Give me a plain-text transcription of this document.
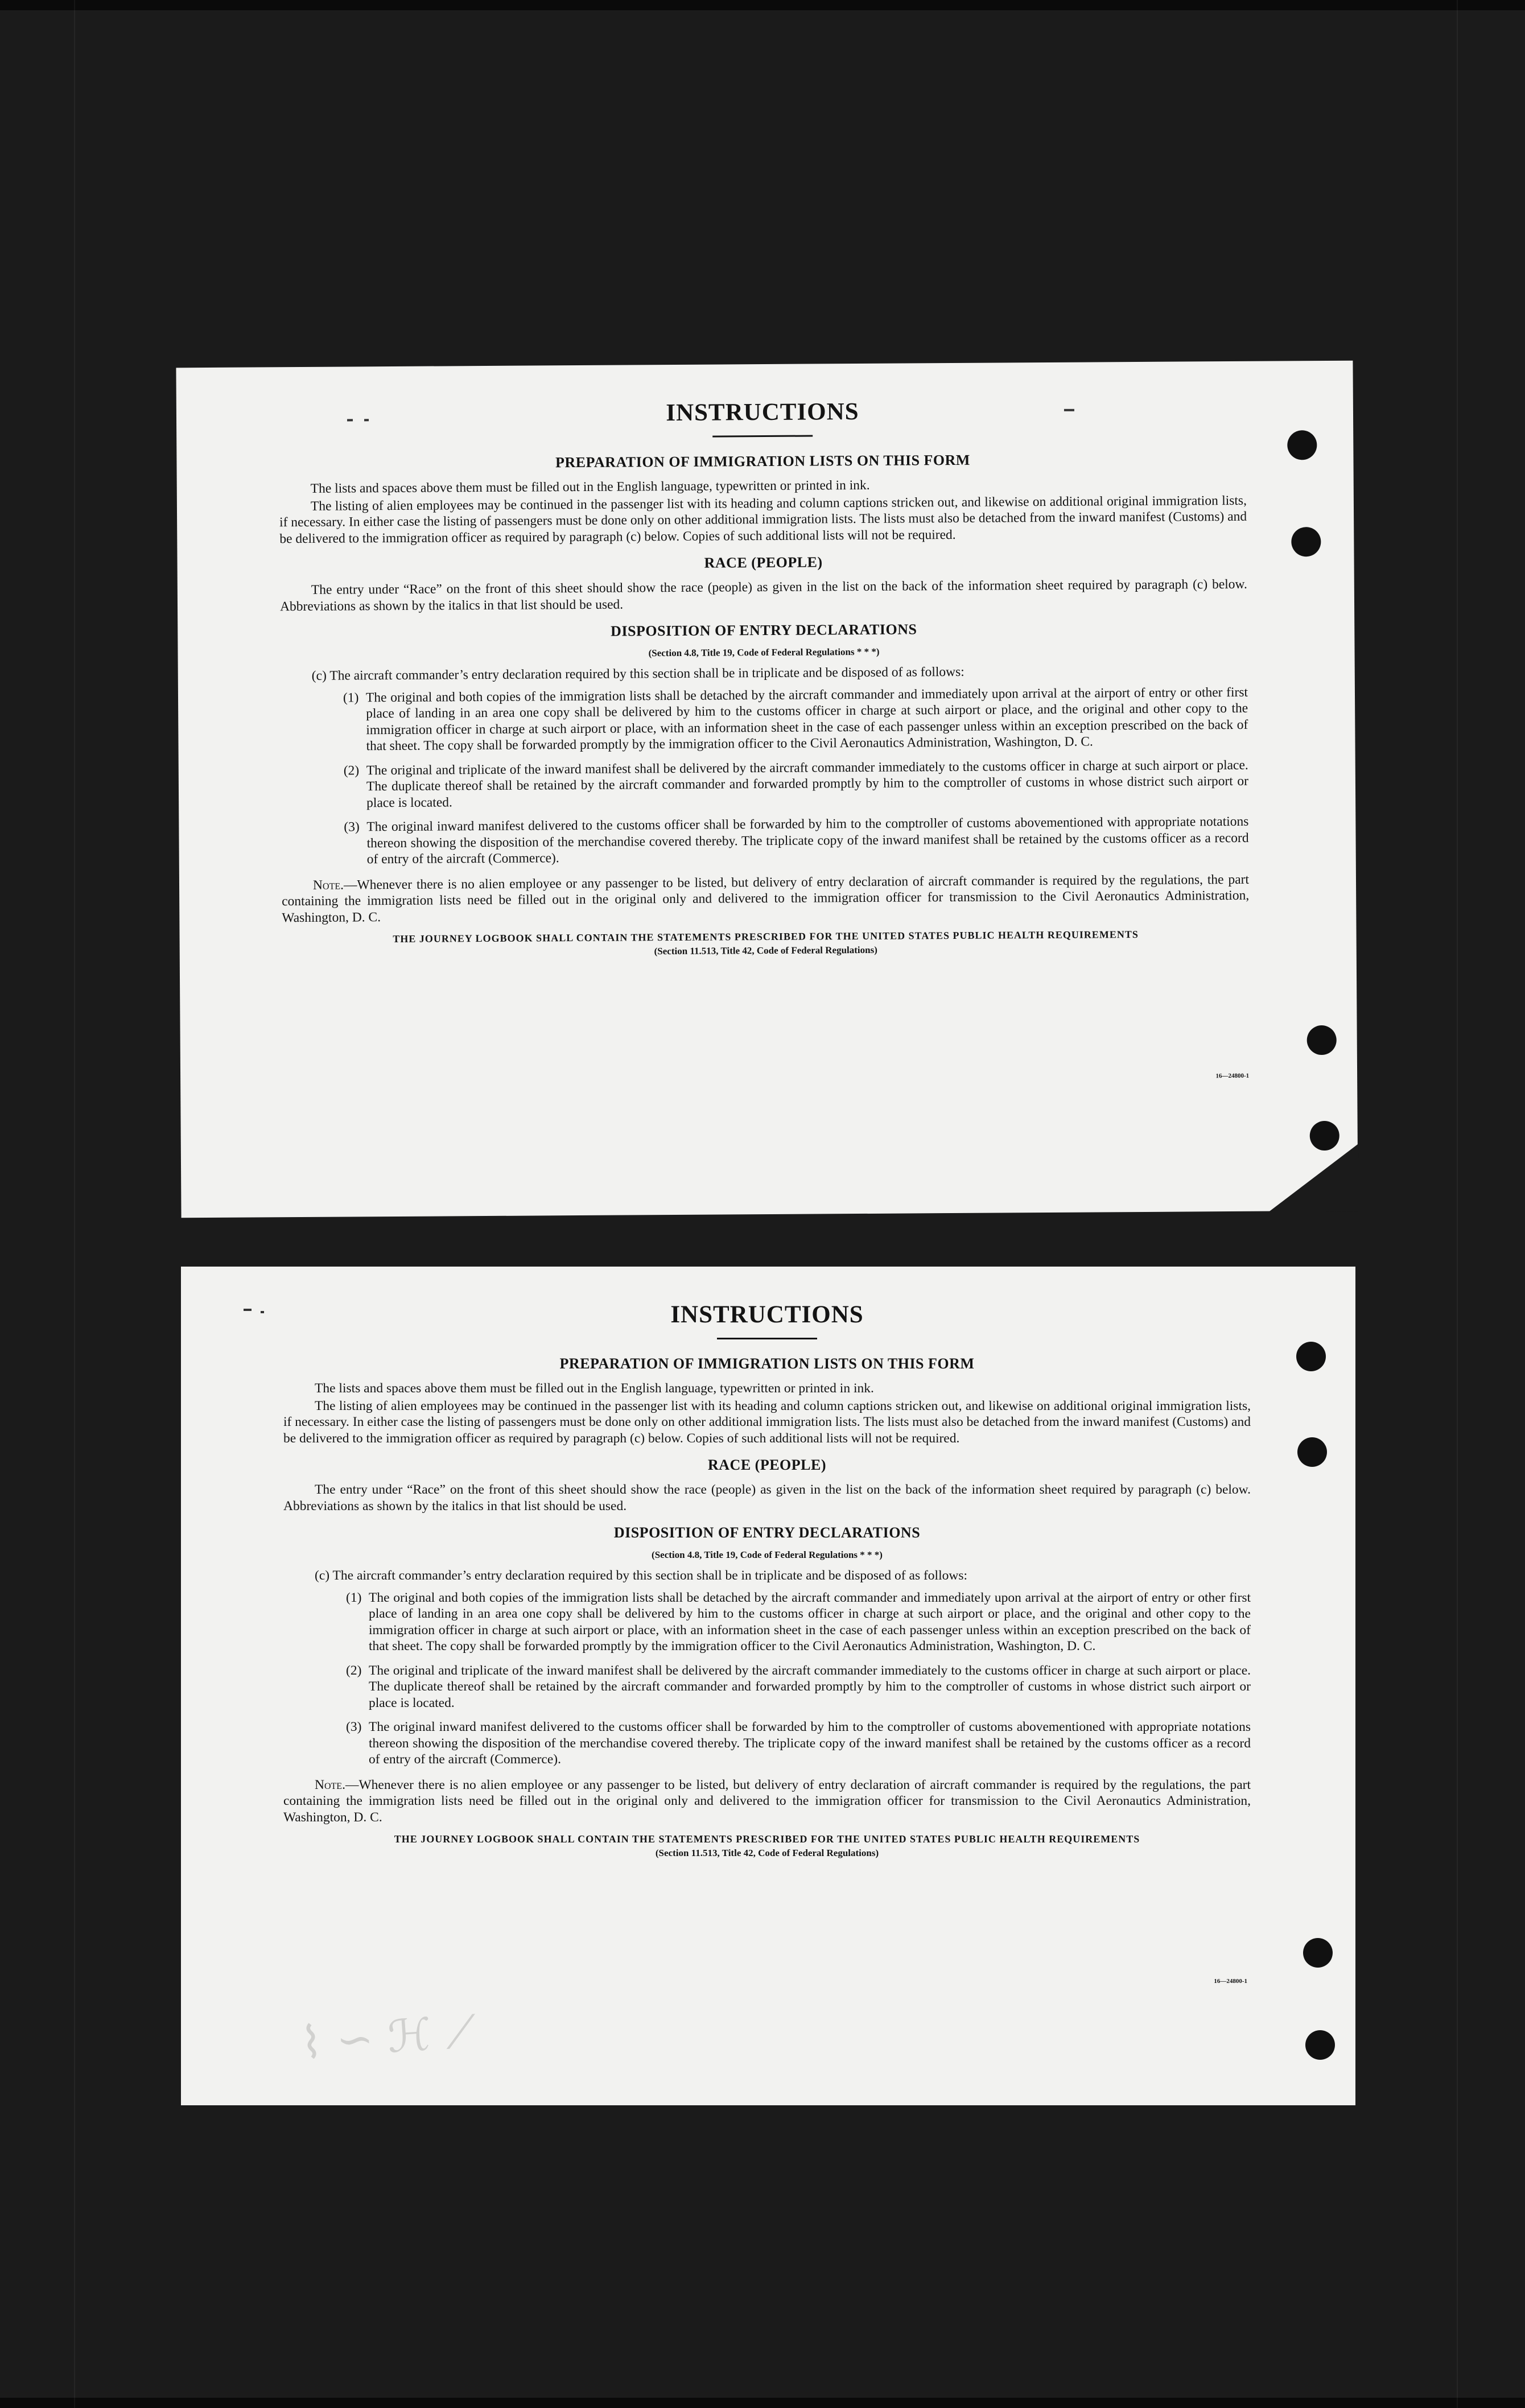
INSTRUCTIONS
PREPARATION OF IMMIGRATION LISTS ON THIS FORM

The lists and spaces above them must be filled out in the English language, typewritten or printed in ink.

The listing of alien employees may be continued in the passenger list with its heading and column captions stricken out, and likewise on additional original immigration lists, if necessary. In either case the listing of passengers must be done only on other additional immigration lists. The lists must also be detached from the inward manifest (Customs) and be delivered to the immigration officer as required by paragraph (c) below. Copies of such additional lists will not be required.

RACE (PEOPLE)

The entry under “Race” on the front of this sheet should show the race (people) as given in the list on the back of the information sheet required by paragraph (c) below. Abbreviations as shown by the italics in that list should be used.

DISPOSITION OF ENTRY DECLARATIONS
(Section 4.8, Title 19, Code of Federal Regulations * * *)

(c) The aircraft commander’s entry declaration required by this section shall be in triplicate and be disposed of as follows:

(1) The original and both copies of the immigration lists shall be detached by the aircraft commander and immediately upon arrival at the airport of entry or other first place of landing in an area one copy shall be delivered by him to the customs officer in charge at such airport or place, and the original and other copy to the immigration officer in charge at such airport or place, with an information sheet in the case of each passenger unless within an exception prescribed on the back of that sheet. The copy shall be forwarded promptly by the immigration officer to the Civil Aeronautics Administration, Washington, D. C.
(2) The original and triplicate of the inward manifest shall be delivered by the aircraft commander immediately to the customs officer in charge at such airport or place. The duplicate thereof shall be retained by the aircraft commander and forwarded promptly by him to the comptroller of customs in whose district such airport or place is located.
(3) The original inward manifest delivered to the customs officer shall be forwarded by him to the comptroller of customs abovementioned with appropriate notations thereon showing the disposition of the merchandise covered thereby. The triplicate copy of the inward manifest shall be retained by the customs officer as a record of entry of the aircraft (Commerce).

Note.—Whenever there is no alien employee or any passenger to be listed, but delivery of entry declaration of aircraft commander is required by the regulations, the part containing the immigration lists need be filled out in the original only and delivered to the immigration officer for transmission to the Civil Aeronautics Administration, Washington, D. C.

THE JOURNEY LOGBOOK SHALL CONTAIN THE STATEMENTS PRESCRIBED FOR THE UNITED STATES PUBLIC HEALTH REQUIREMENTS
(Section 11.513, Title 42, Code of Federal Regulations)
16—24800-1
INSTRUCTIONS
PREPARATION OF IMMIGRATION LISTS ON THIS FORM

The lists and spaces above them must be filled out in the English language, typewritten or printed in ink.

The listing of alien employees may be continued in the passenger list with its heading and column captions stricken out, and likewise on additional original immigration lists, if necessary. In either case the listing of passengers must be done only on other additional immigration lists. The lists must also be detached from the inward manifest (Customs) and be delivered to the immigration officer as required by paragraph (c) below. Copies of such additional lists will not be required.

RACE (PEOPLE)

The entry under “Race” on the front of this sheet should show the race (people) as given in the list on the back of the information sheet required by paragraph (c) below. Abbreviations as shown by the italics in that list should be used.

DISPOSITION OF ENTRY DECLARATIONS
(Section 4.8, Title 19, Code of Federal Regulations * * *)

(c) The aircraft commander’s entry declaration required by this section shall be in triplicate and be disposed of as follows:

(1) The original and both copies of the immigration lists shall be detached by the aircraft commander and immediately upon arrival at the airport of entry or other first place of landing in an area one copy shall be delivered by him to the customs officer in charge at such airport or place, and the original and other copy to the immigration officer in charge at such airport or place, with an information sheet in the case of each passenger unless within an exception prescribed on the back of that sheet. The copy shall be forwarded promptly by the immigration officer to the Civil Aeronautics Administration, Washington, D. C.
(2) The original and triplicate of the inward manifest shall be delivered by the aircraft commander immediately to the customs officer in charge at such airport or place. The duplicate thereof shall be retained by the aircraft commander and forwarded promptly by him to the comptroller of customs in whose district such airport or place is located.
(3) The original inward manifest delivered to the customs officer shall be forwarded by him to the comptroller of customs abovementioned with appropriate notations thereon showing the disposition of the merchandise covered thereby. The triplicate copy of the inward manifest shall be retained by the customs officer as a record of entry of the aircraft (Commerce).

Note.—Whenever there is no alien employee or any passenger to be listed, but delivery of entry declaration of aircraft commander is required by the regulations, the part containing the immigration lists need be filled out in the original only and delivered to the immigration officer for transmission to the Civil Aeronautics Administration, Washington, D. C.

THE JOURNEY LOGBOOK SHALL CONTAIN THE STATEMENTS PRESCRIBED FOR THE UNITED STATES PUBLIC HEALTH REQUIREMENTS
(Section 11.513, Title 42, Code of Federal Regulations)
16—24800-1
⌇ ∽ ℋ ⟋
